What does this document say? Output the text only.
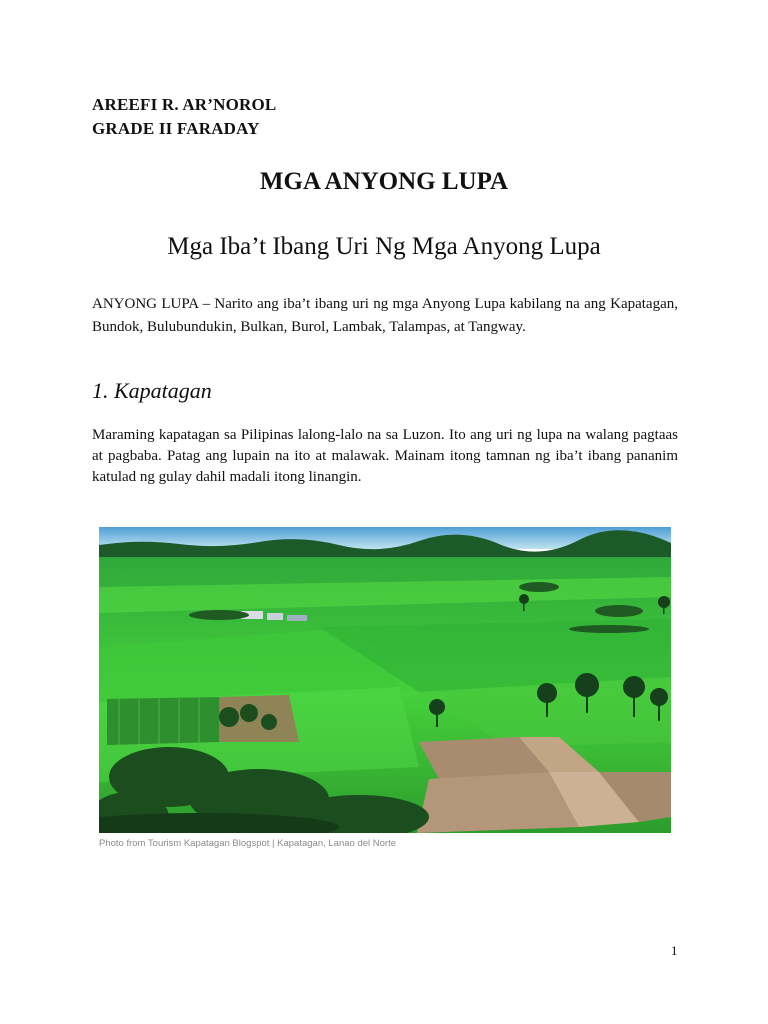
AREEFI R. AR’NOROL
GRADE II FARADAY
MGA ANYONG LUPA
Mga Iba’t Ibang Uri Ng Mga Anyong Lupa
ANYONG LUPA – Narito ang iba’t ibang uri ng mga Anyong Lupa kabilang na ang Kapatagan, Bundok, Bulubundukin, Bulkan, Burol, Lambak, Talampas, at Tangway.
1. Kapatagan
Maraming kapatagan sa Pilipinas lalong-lalo na sa Luzon. Ito ang uri ng lupa na walang pagtaas at pagbaba. Patag ang lupain na ito at malawak. Mainam itong tamnan ng iba’t ibang pananim katulad ng gulay dahil madali itong linangin.
Photo from Tourism Kapatagan Blogspot | Kapatagan, Lanao del Norte
1
